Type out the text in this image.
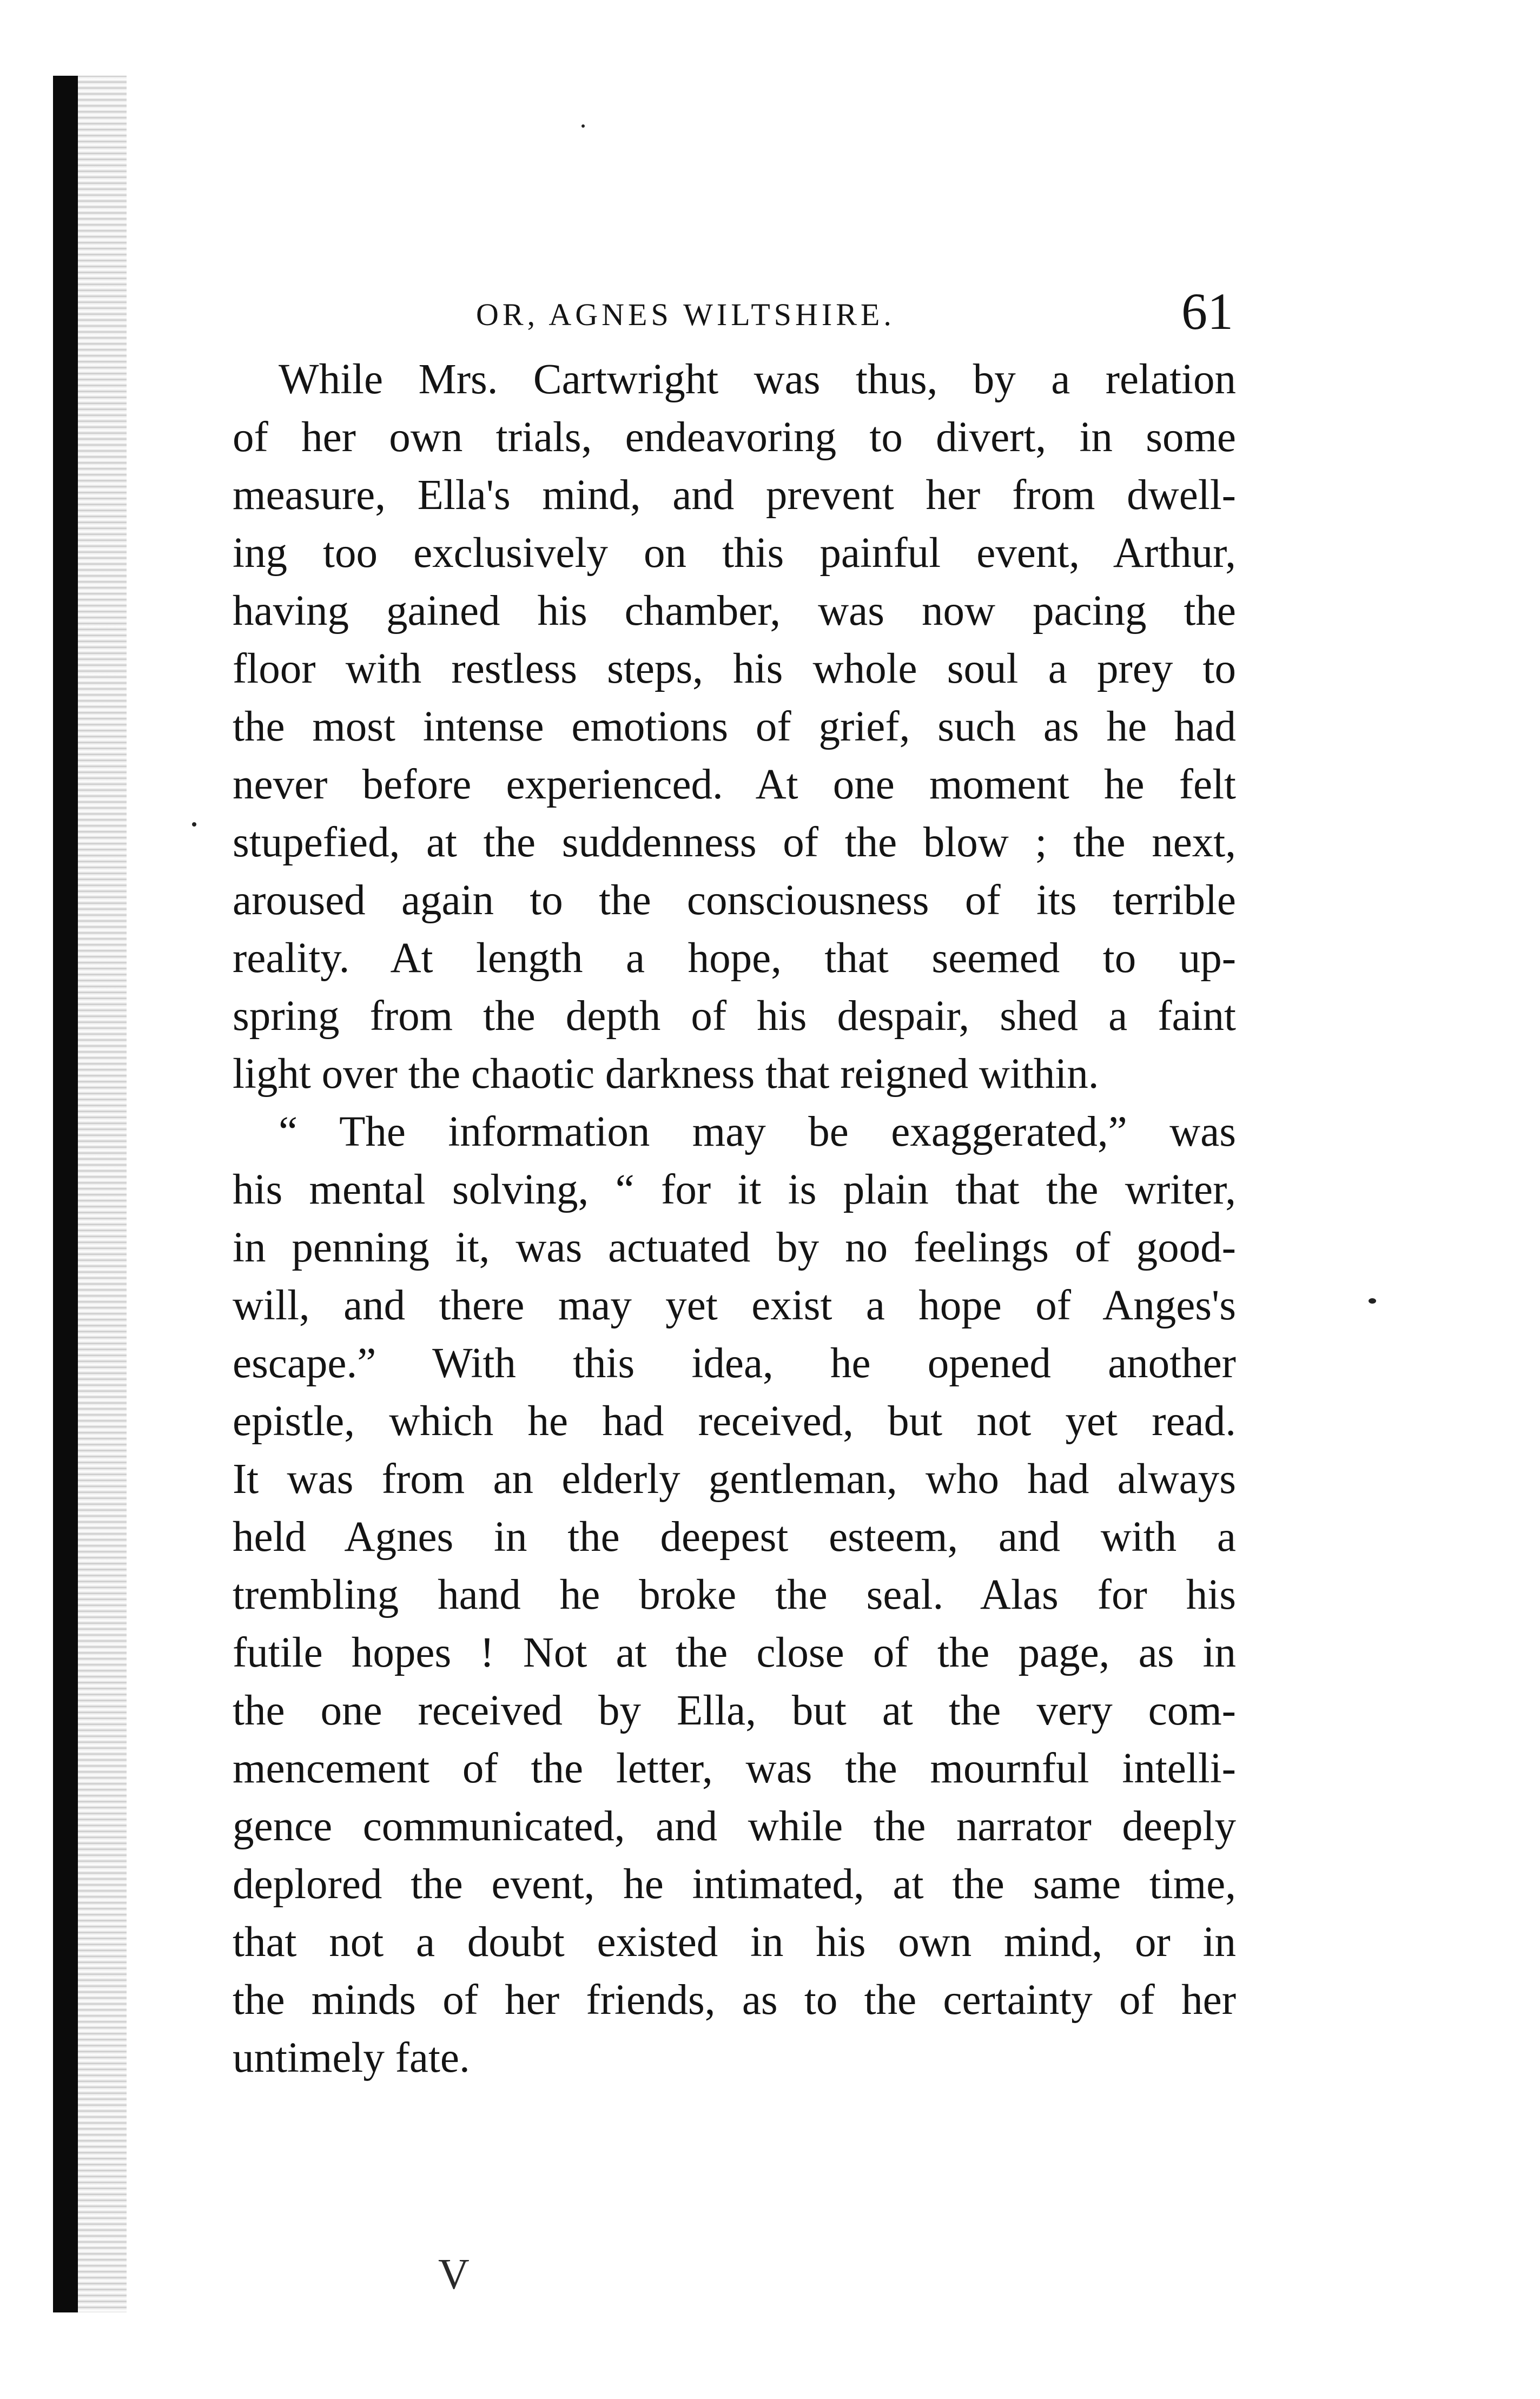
OR, AGNES WILTSHIRE.	61
While Mrs. Cartwright was thus, by a relation
of her own trials, endeavoring to divert, in some
measure, Ella's mind, and prevent her from dwell-
ing too exclusively on this painful event, Arthur,
having gained his chamber, was now pacing the
floor with restless steps, his whole soul a prey to
the most intense emotions of grief, such as he had
never before experienced. At one moment he felt
stupefied, at the suddenness of the blow ; the next,
aroused again to the consciousness of its terrible
reality. At length a hope, that seemed to up-
spring from the depth of his despair, shed a faint
light over the chaotic darkness that reigned within.
“ The information may be exaggerated,” was
his mental solving, “ for it is plain that the writer,
in penning it, was actuated by no feelings of good-
will, and there may yet exist a hope of Anges's
escape.” With this idea, he opened another
epistle, which he had received, but not yet read.
It was from an elderly gentleman, who had always
held Agnes in the deepest esteem, and with a
trembling hand he broke the seal. Alas for his
futile hopes ! Not at the close of the page, as in
the one received by Ella, but at the very com-
mencement of the letter, was the mournful intelli-
gence communicated, and while the narrator deeply
deplored the event, he intimated, at the same time,
that not a doubt existed in his own mind, or in
the minds of her friends, as to the certainty of her
untimely fate.
V
